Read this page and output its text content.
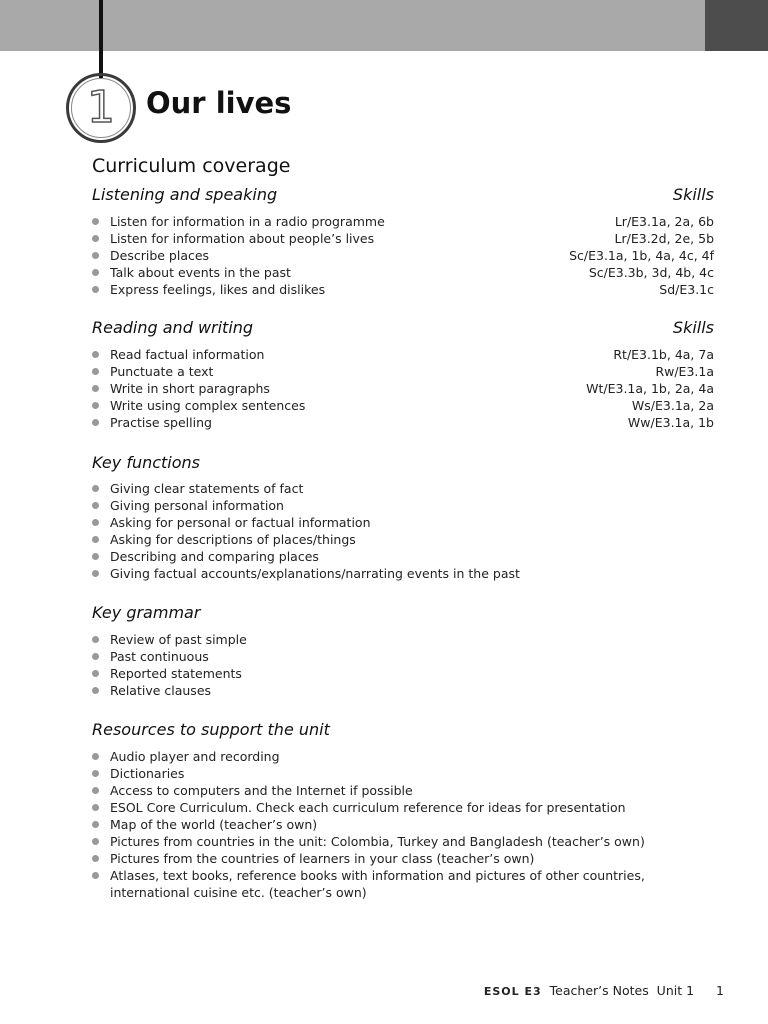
1 Our lives
Curriculum coverage
Listening and speaking	Skills
Listen for information in a radio programme	Lr/E3.1a, 2a, 6b
Listen for information about people’s lives	Lr/E3.2d, 2e, 5b
Describe places	Sc/E3.1a, 1b, 4a, 4c, 4f
Talk about events in the past	Sc/E3.3b, 3d, 4b, 4c
Express feelings, likes and dislikes	Sd/E3.1c
Reading and writing	Skills
Read factual information	Rt/E3.1b, 4a, 7a
Punctuate a text	Rw/E3.1a
Write in short paragraphs	Wt/E3.1a, 1b, 2a, 4a
Write using complex sentences	Ws/E3.1a, 2a
Practise spelling	Ww/E3.1a, 1b
Key functions
Giving clear statements of fact
Giving personal information
Asking for personal or factual information
Asking for descriptions of places/things
Describing and comparing places
Giving factual accounts/explanations/narrating events in the past
Key grammar
Review of past simple
Past continuous
Reported statements
Relative clauses
Resources to support the unit
Audio player and recording
Dictionaries
Access to computers and the Internet if possible
ESOL Core Curriculum. Check each curriculum reference for ideas for presentation
Map of the world (teacher’s own)
Pictures from countries in the unit: Colombia, Turkey and Bangladesh (teacher’s own)
Pictures from the countries of learners in your class (teacher’s own)
Atlases, text books, reference books with information and pictures of other countries, international cuisine etc. (teacher’s own)
ESOL E3 Teacher’s Notes  Unit 1 1
